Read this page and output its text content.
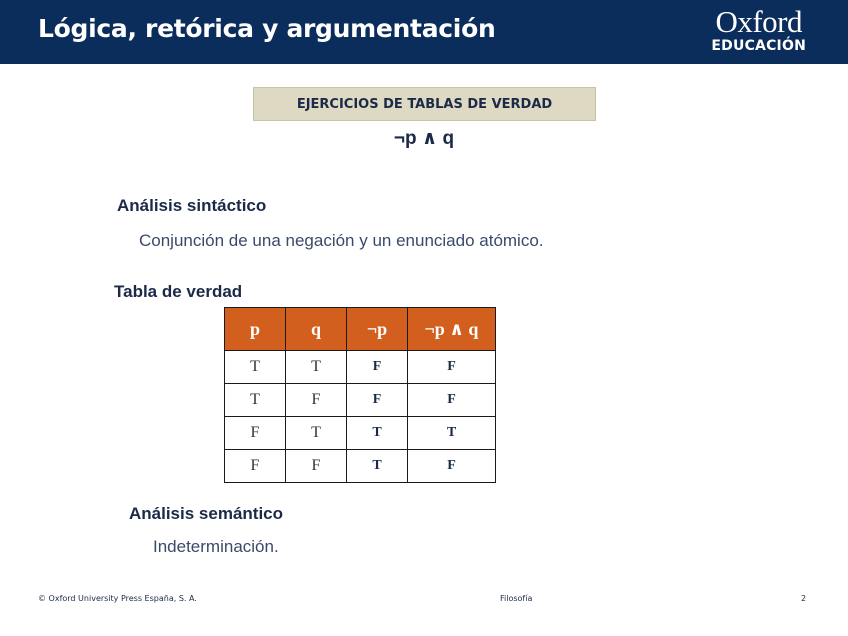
Lógica, retórica y argumentación	Oxford
EDUCACIÓN
EJERCICIOS DE TABLAS DE VERDAD
¬p ∧ q
Análisis sintáctico
Conjunción de una negación y un enunciado atómico.
Tabla de verdad
p	q	¬p	¬p ∧ q
T	T	F	F
T	F	F	F
F	T	T	T
F	F	T	F
Análisis semántico
Indeterminación.
© Oxford University Press España, S. A.	Filosofía	2
